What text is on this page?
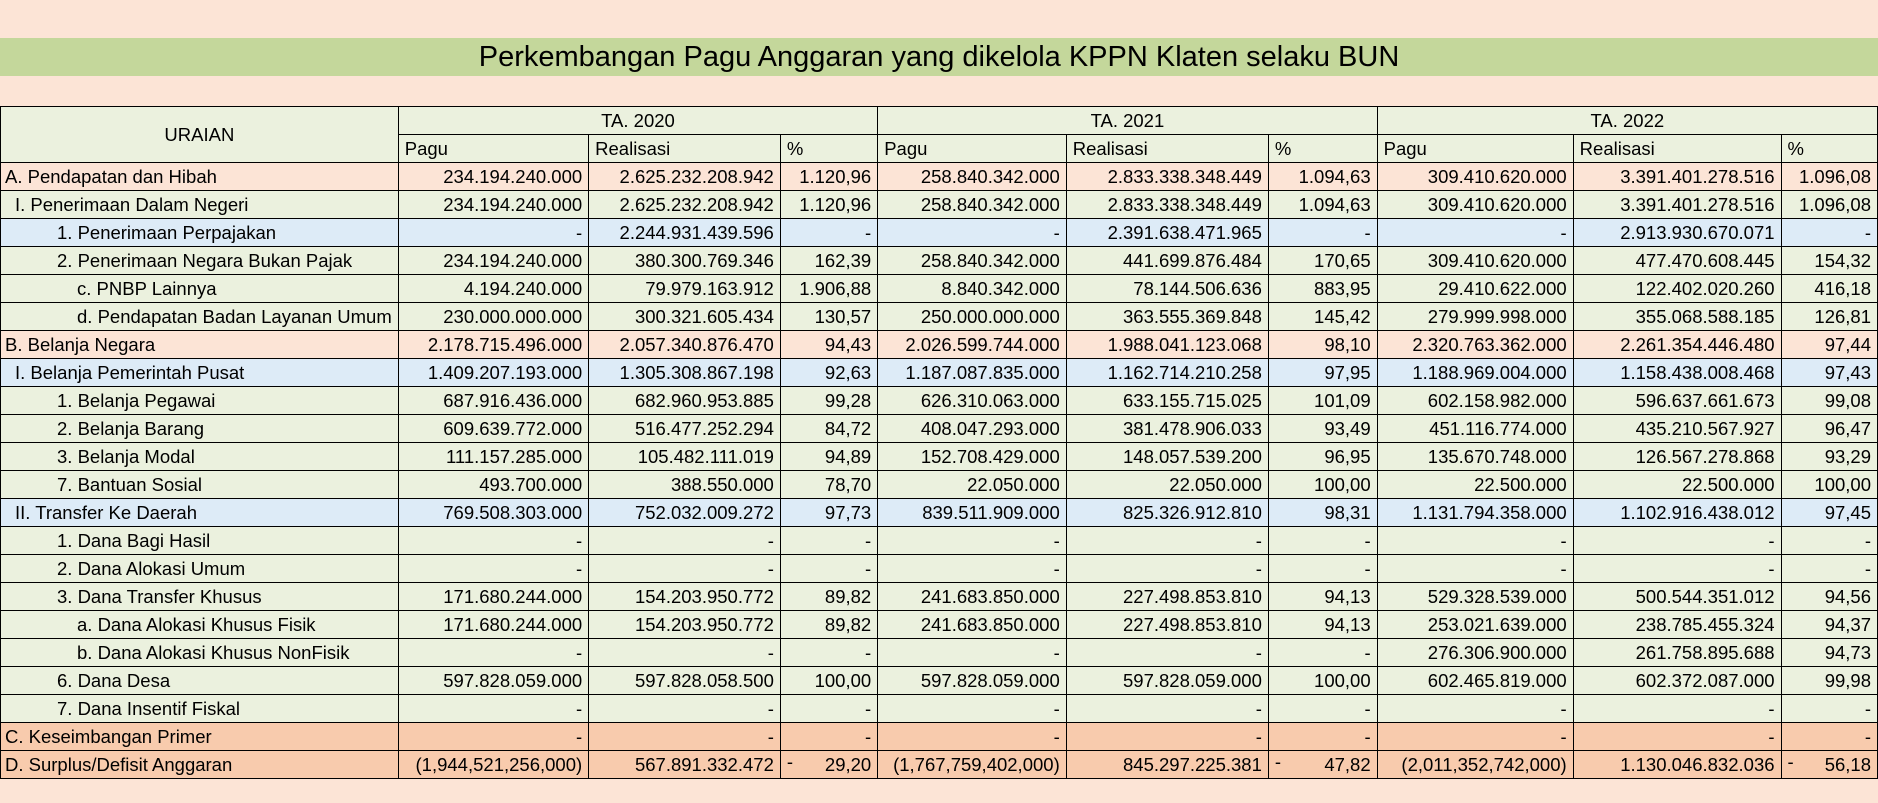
Perkembangan Pagu Anggaran yang dikelola KPPN Klaten selaku BUN
URAIAN	TA. 2020			TA. 2021			TA. 2022		
	Pagu	Realisasi	%	Pagu	Realisasi	%	Pagu	Realisasi	%
A. Pendapatan dan Hibah	234.194.240.000	2.625.232.208.942	1.120,96	258.840.342.000	2.833.338.348.449	1.094,63	309.410.620.000	3.391.401.278.516	1.096,08
I. Penerimaan Dalam Negeri	234.194.240.000	2.625.232.208.942	1.120,96	258.840.342.000	2.833.338.348.449	1.094,63	309.410.620.000	3.391.401.278.516	1.096,08
1. Penerimaan Perpajakan	-	2.244.931.439.596	-	-	2.391.638.471.965	-	-	2.913.930.670.071	-
2. Penerimaan Negara Bukan Pajak	234.194.240.000	380.300.769.346	162,39	258.840.342.000	441.699.876.484	170,65	309.410.620.000	477.470.608.445	154,32
c. PNBP Lainnya	4.194.240.000	79.979.163.912	1.906,88	8.840.342.000	78.144.506.636	883,95	29.410.622.000	122.402.020.260	416,18
d. Pendapatan Badan Layanan Umum	230.000.000.000	300.321.605.434	130,57	250.000.000.000	363.555.369.848	145,42	279.999.998.000	355.068.588.185	126,81
B. Belanja Negara	2.178.715.496.000	2.057.340.876.470	94,43	2.026.599.744.000	1.988.041.123.068	98,10	2.320.763.362.000	2.261.354.446.480	97,44
I. Belanja Pemerintah Pusat	1.409.207.193.000	1.305.308.867.198	92,63	1.187.087.835.000	1.162.714.210.258	97,95	1.188.969.004.000	1.158.438.008.468	97,43
1. Belanja Pegawai	687.916.436.000	682.960.953.885	99,28	626.310.063.000	633.155.715.025	101,09	602.158.982.000	596.637.661.673	99,08
2. Belanja Barang	609.639.772.000	516.477.252.294	84,72	408.047.293.000	381.478.906.033	93,49	451.116.774.000	435.210.567.927	96,47
3. Belanja Modal	111.157.285.000	105.482.111.019	94,89	152.708.429.000	148.057.539.200	96,95	135.670.748.000	126.567.278.868	93,29
7. Bantuan Sosial	493.700.000	388.550.000	78,70	22.050.000	22.050.000	100,00	22.500.000	22.500.000	100,00
II. Transfer Ke Daerah	769.508.303.000	752.032.009.272	97,73	839.511.909.000	825.326.912.810	98,31	1.131.794.358.000	1.102.916.438.012	97,45
1. Dana Bagi Hasil	-	-	-	-	-	-	-	-	-
2. Dana Alokasi Umum	-	-	-	-	-	-	-	-	-
3. Dana Transfer Khusus	171.680.244.000	154.203.950.772	89,82	241.683.850.000	227.498.853.810	94,13	529.328.539.000	500.544.351.012	94,56
a. Dana Alokasi Khusus Fisik	171.680.244.000	154.203.950.772	89,82	241.683.850.000	227.498.853.810	94,13	253.021.639.000	238.785.455.324	94,37
b. Dana Alokasi Khusus NonFisik	-	-	-	-	-	-	276.306.900.000	261.758.895.688	94,73
6. Dana Desa	597.828.059.000	597.828.058.500	100,00	597.828.059.000	597.828.059.000	100,00	602.465.819.000	602.372.087.000	99,98
7. Dana Insentif Fiskal	-	-	-	-	-	-	-	-	-
C. Keseimbangan Primer	-	-	-	-	-	-	-	-	-
D. Surplus/Defisit Anggaran	(1,944,521,256,000)	567.891.332.472	- 29,20	(1,767,759,402,000)	845.297.225.381	- 47,82	(2,011,352,742,000)	1.130.046.832.036	- 56,18
